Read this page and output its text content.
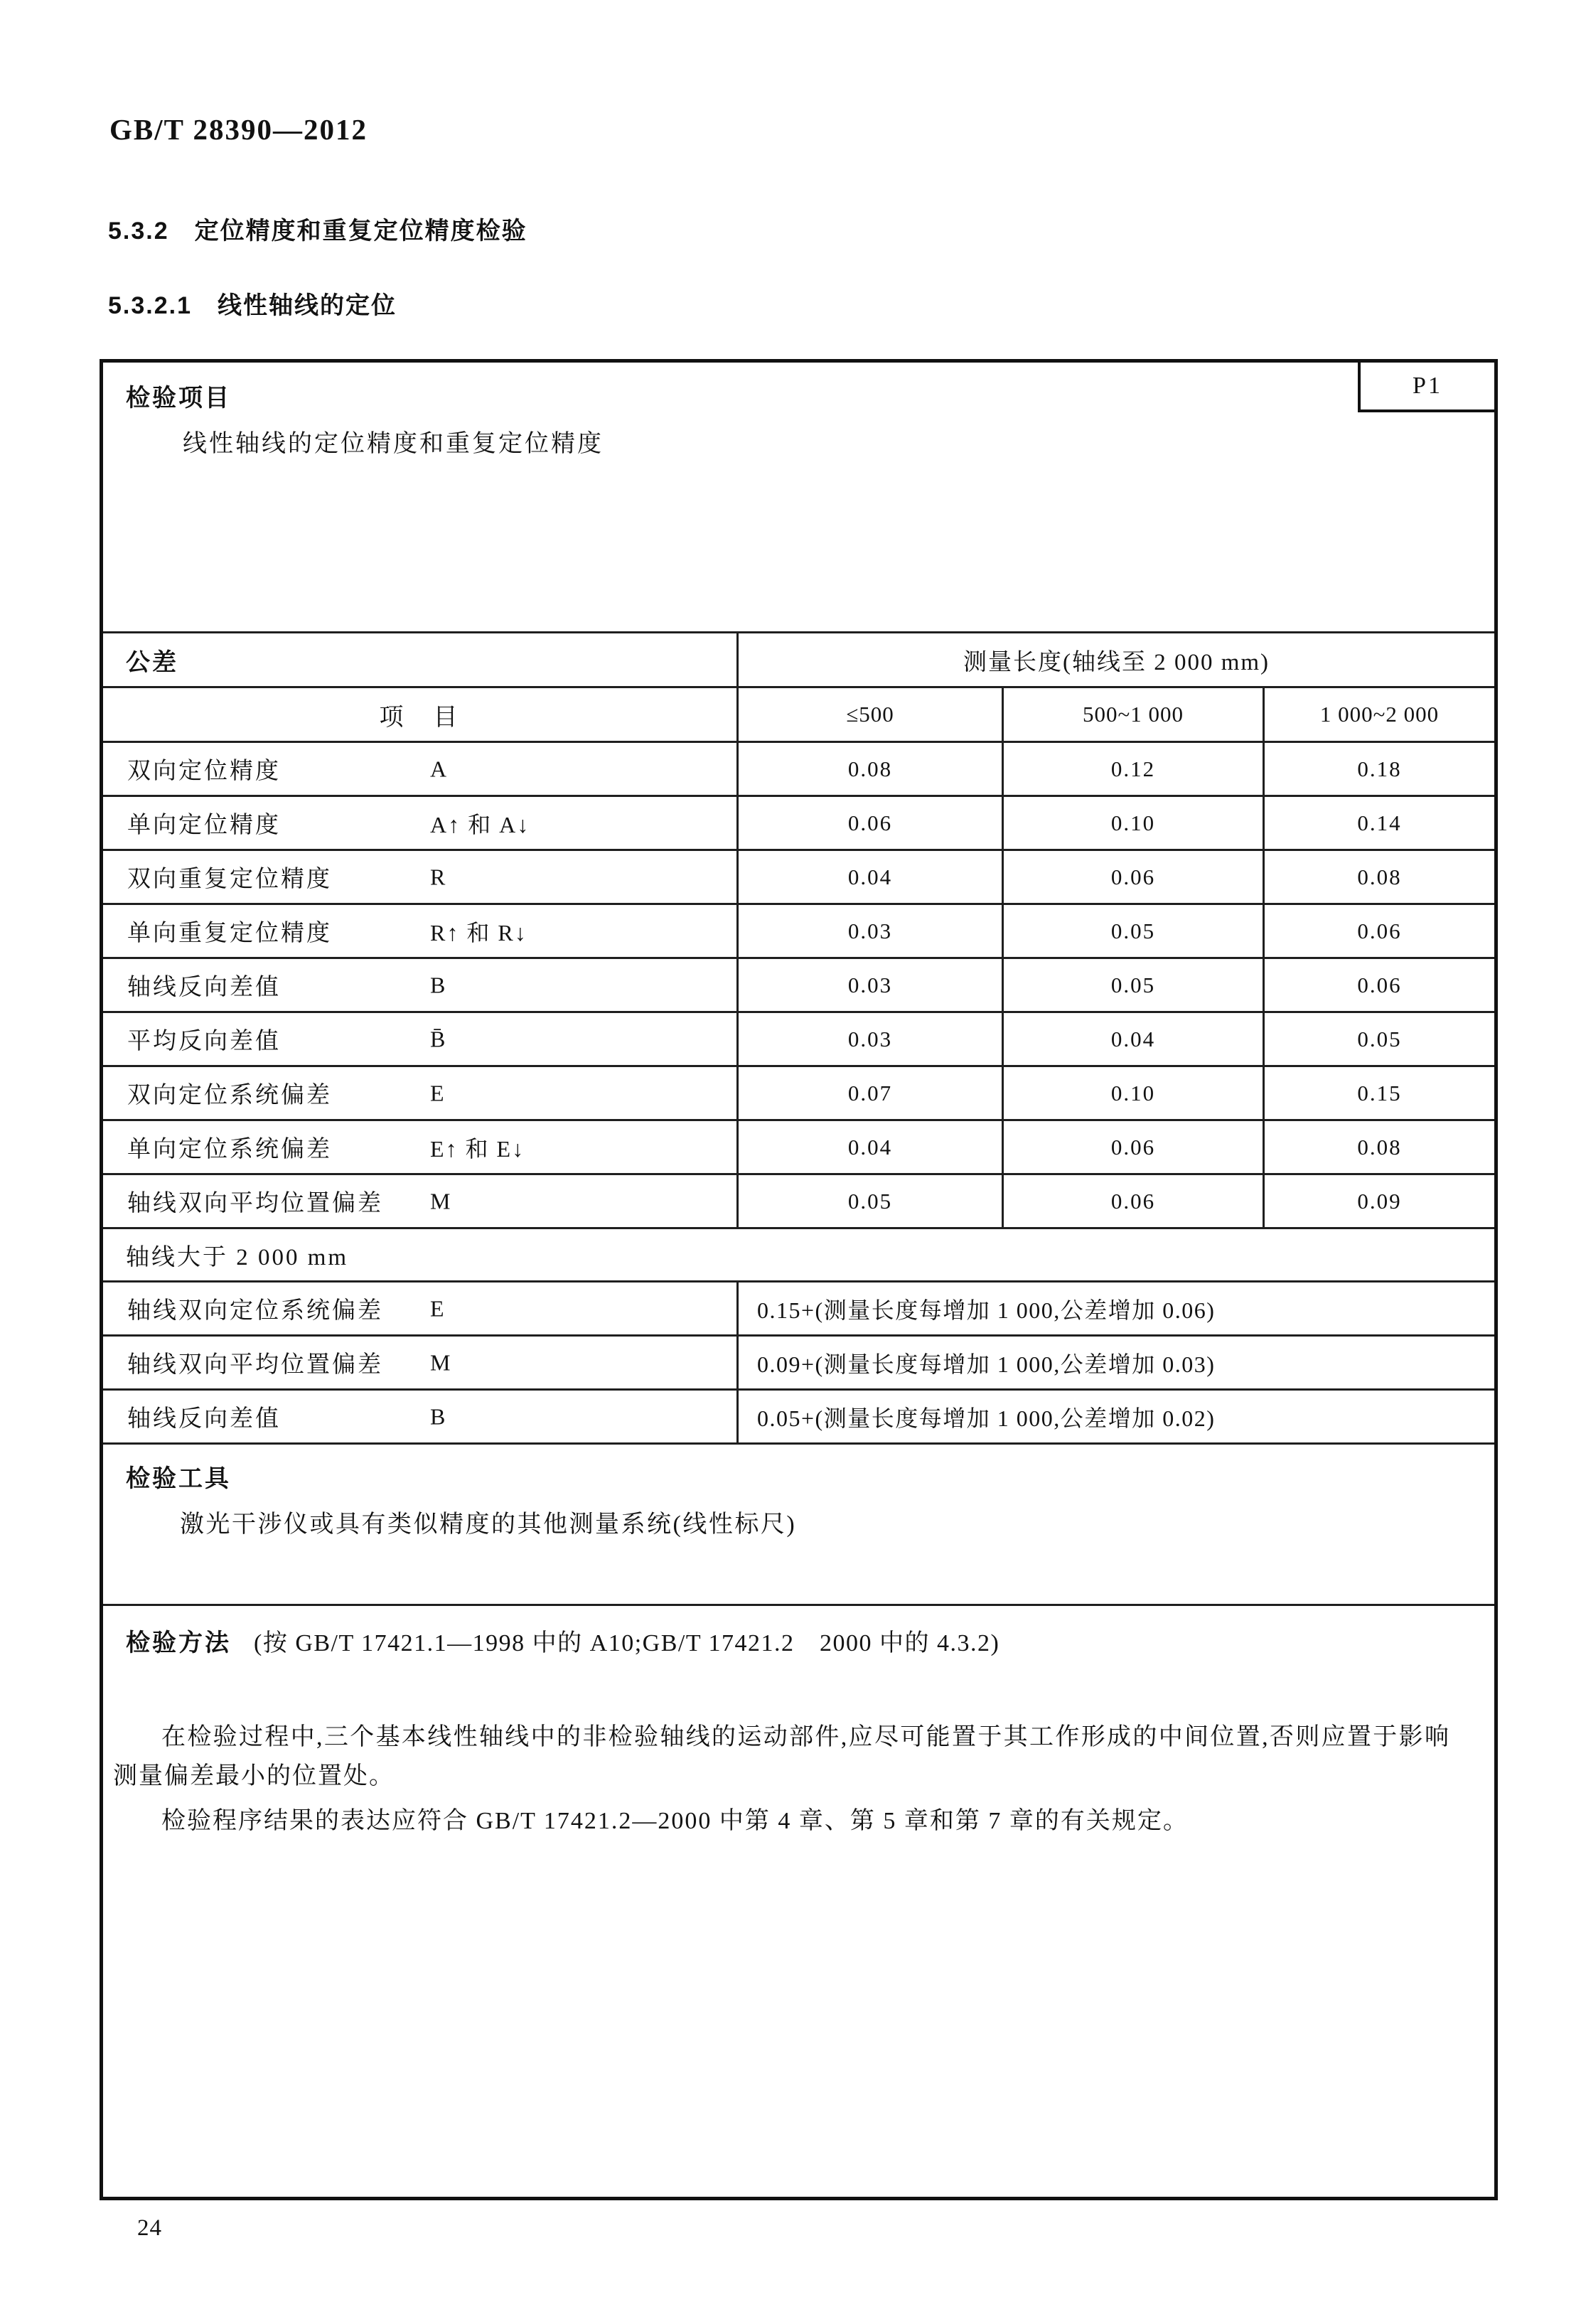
GB/T 28390—2012
5.3.2　定位精度和重复定位精度检验
5.3.2.1　线性轴线的定位
检验项目
线性轴线的定位精度和重复定位精度
P1
公差	测量长度(轴线至 2 000 mm)
项　目	≤500	500~1 000	1 000~2 000
双向定位精度	A	0.08	0.12	0.18
单向定位精度	A↑ 和 A↓	0.06	0.10	0.14
双向重复定位精度	R	0.04	0.06	0.08
单向重复定位精度	R↑ 和 R↓	0.03	0.05	0.06
轴线反向差值	B	0.03	0.05	0.06
平均反向差值	B̄	0.03	0.04	0.05
双向定位系统偏差	E	0.07	0.10	0.15
单向定位系统偏差	E↑ 和 E↓	0.04	0.06	0.08
轴线双向平均位置偏差 M	0.05	0.06	0.09
轴线大于 2 000 mm
轴线双向定位系统偏差 E	0.15+(测量长度每增加 1 000,公差增加 0.06)
轴线双向平均位置偏差 M	0.09+(测量长度每增加 1 000,公差增加 0.03)
轴线反向差值	B	0.05+(测量长度每增加 1 000,公差增加 0.02)
检验工具
激光干涉仪或具有类似精度的其他测量系统(线性标尺)
检验方法 (按 GB/T 17421.1—1998 中的 A10;GB/T 17421.2　2000 中的 4.3.2)

在检验过程中,三个基本线性轴线中的非检验轴线的运动部件,应尽可能置于其工作形成的中间位置,否则应置于影响测量偏差最小的位置处。

检验程序结果的表达应符合 GB/T 17421.2—2000 中第 4 章、第 5 章和第 7 章的有关规定。

24
